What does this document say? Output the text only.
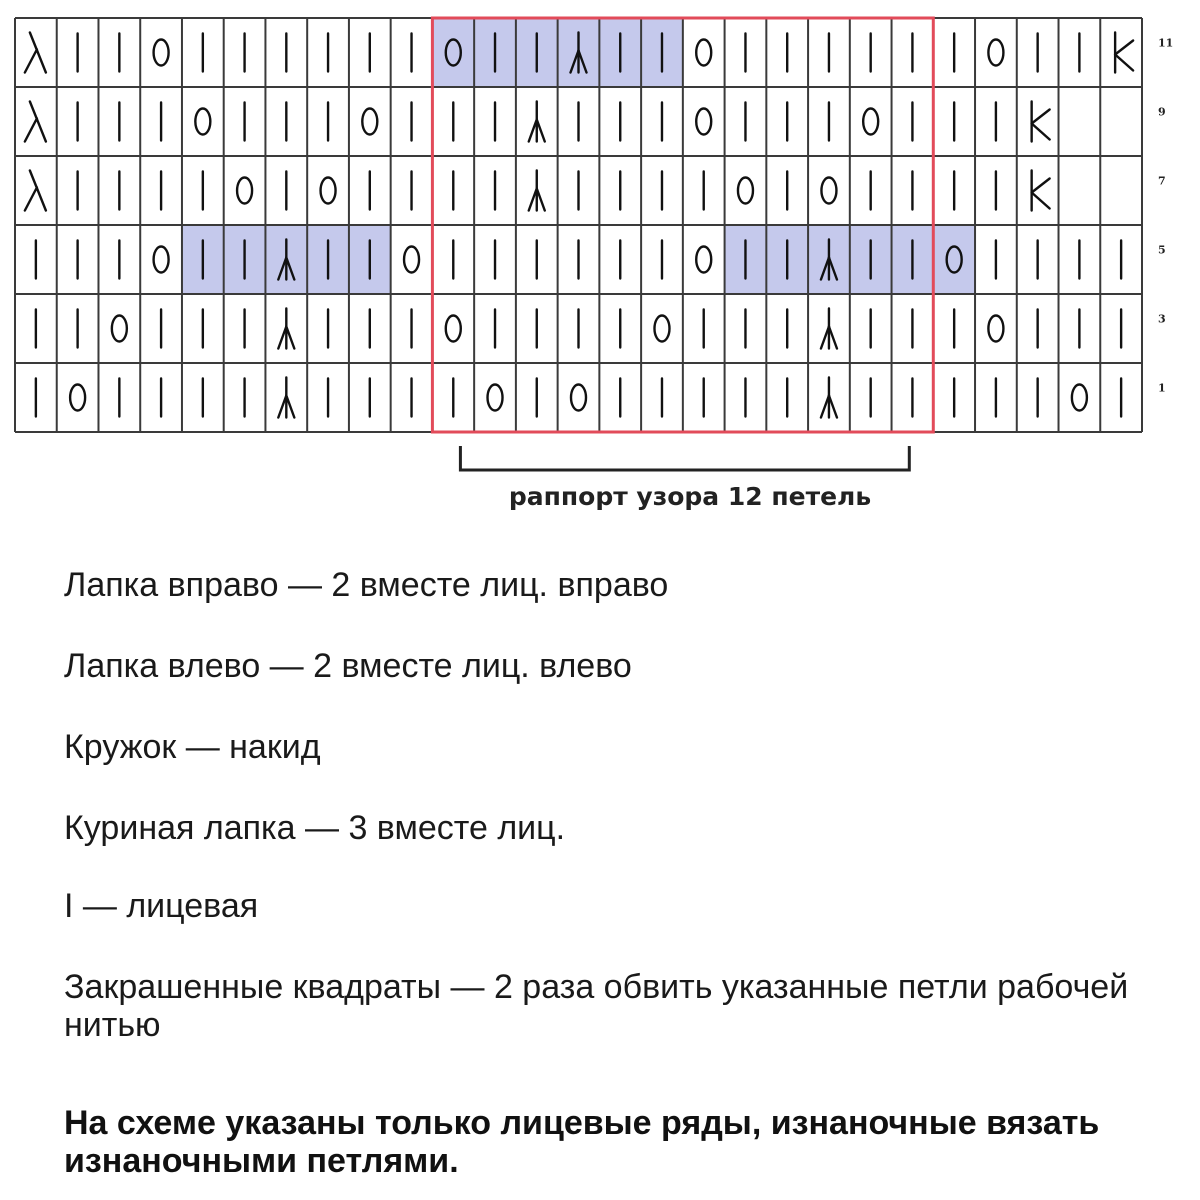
11
9
7
5
3
1
раппорт узора 12 петель

Лапка вправо — 2 вместе лиц. вправо

Лапка влево — 2 вместе лиц. влево

Кружок — накид

Куриная лапка — 3 вместе лиц.

I — лицевая

Закрашенные квадраты — 2 раза обвить указанные петли рабочей нитью

На схеме указаны только лицевые ряды, изнаночные вязать изнаночными петлями.
